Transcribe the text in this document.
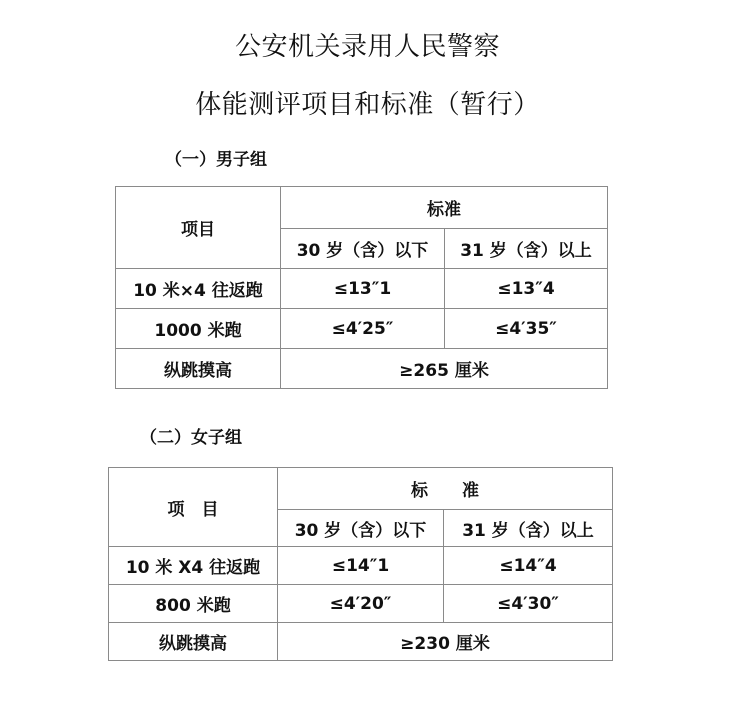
公安机关录用人民警察
体能测评项目和标准（暂行）
（一）男子组
项目	标准	
	30 岁（含）以下	31 岁（含）以上
10 米×4 往返跑	≤13″1	≤13″4
1000 米跑	≤4′25″	≤4′35″
纵跳摸高	≥265 厘米	
（二）女子组
项　目	标　　准	
	30 岁（含）以下	31 岁（含）以上
10 米 X4 往返跑	≤14″1	≤14″4
800 米跑	≤4′20″	≤4′30″
纵跳摸高	≥230 厘米	
